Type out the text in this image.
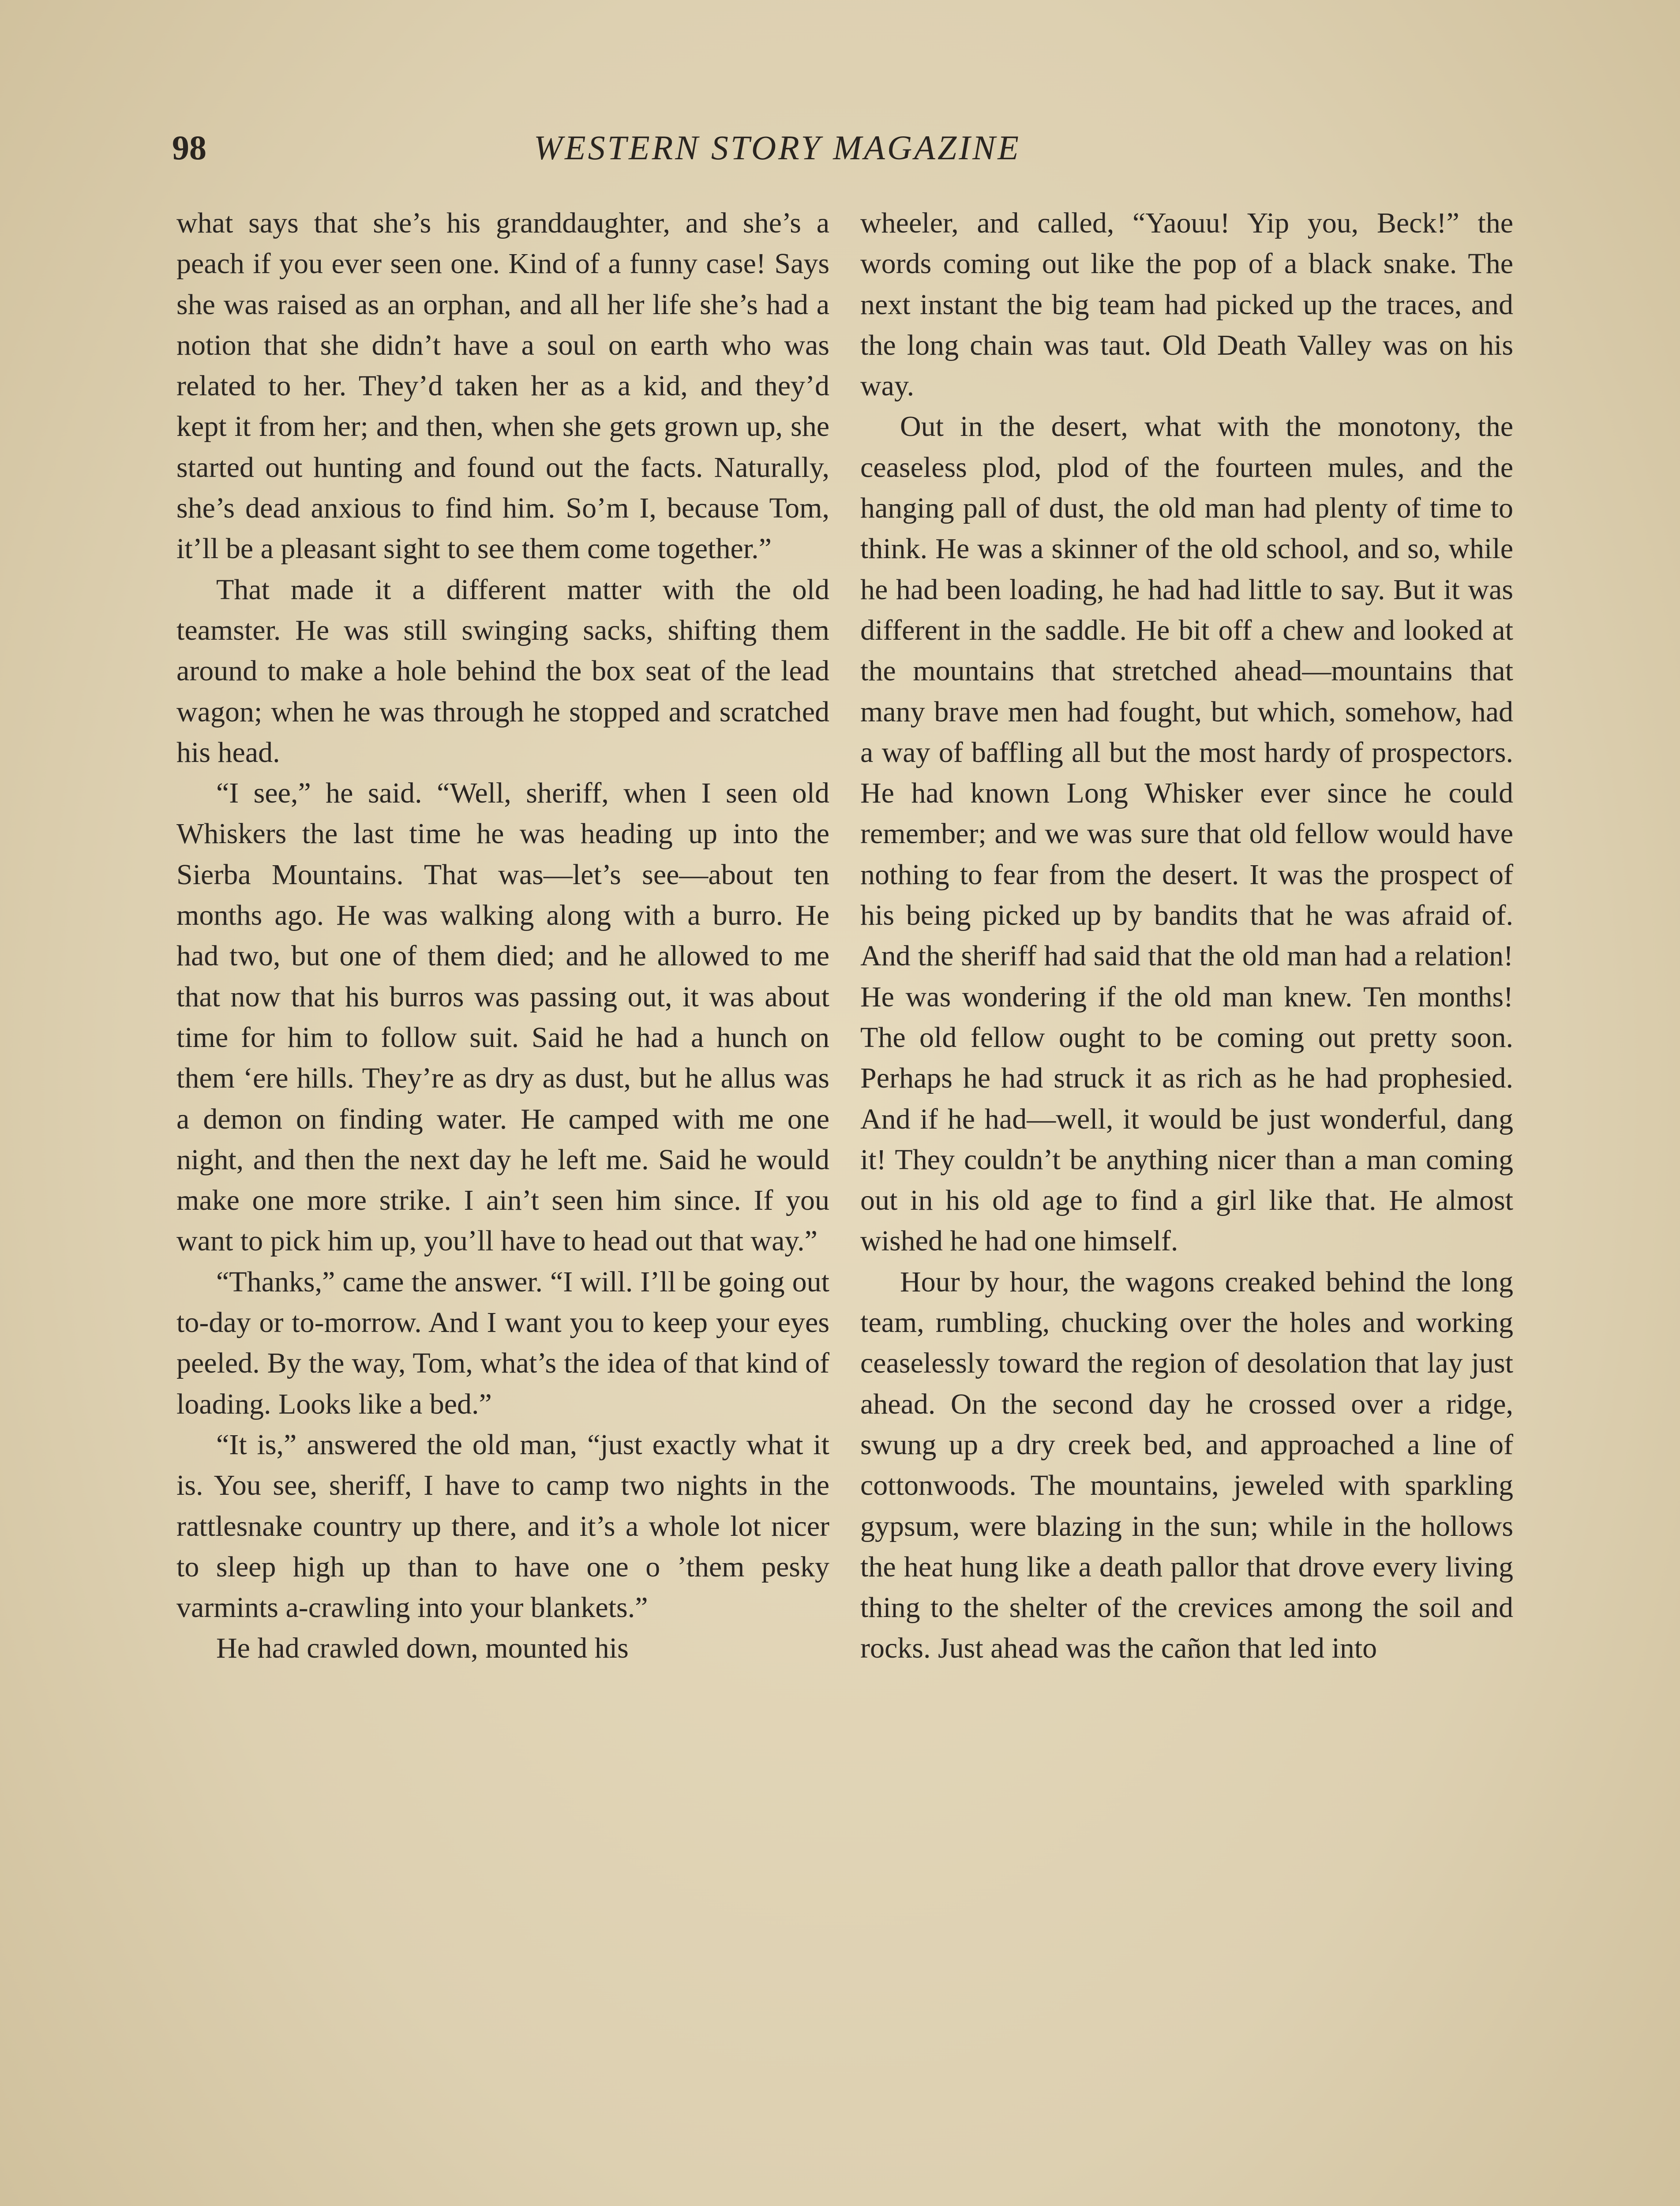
98	WESTERN STORY MAGAZINE

what says that she’s his granddaughter, and she’s a peach if you ever seen one. Kind of a funny case! Says she was raised as an orphan, and all her life she’s had a notion that she didn’t have a soul on earth who was related to her. They’d taken her as a kid, and they’d kept it from her; and then, when she gets grown up, she started out hunting and found out the facts. Naturally, she’s dead anxious to find him. So’m I, because Tom, it’ll be a pleasant sight to see them come together.”

That made it a different matter with the old teamster. He was still swinging sacks, shifting them around to make a hole behind the box seat of the lead wagon; when he was through he stopped and scratched his head.

“I see,” he said. “Well, sheriff, when I seen old Whiskers the last time he was heading up into the Sierba Mountains. That was—let’s see—about ten months ago. He was walking along with a burro. He had two, but one of them died; and he allowed to me that now that his burros was passing out, it was about time for him to follow suit. Said he had a hunch on them ‘ere hills. They’re as dry as dust, but he allus was a demon on finding water. He camped with me one night, and then the next day he left me. Said he would make one more strike. I ain’t seen him since. If you want to pick him up, you’ll have to head out that way.”

“Thanks,” came the answer. “I will. I’ll be going out to-day or to-morrow. And I want you to keep your eyes peeled. By the way, Tom, what’s the idea of that kind of loading. Looks like a bed.”

“It is,” answered the old man, “just exactly what it is. You see, sheriff, I have to camp two nights in the rattlesnake country up there, and it’s a whole lot nicer to sleep high up than to have one o ’them pesky varmints a-crawling into your blankets.”

He had crawled down, mounted his

wheeler, and called, “Yaouu! Yip you, Beck!” the words coming out like the pop of a black snake. The next instant the big team had picked up the traces, and the long chain was taut. Old Death Valley was on his way.

Out in the desert, what with the monotony, the ceaseless plod, plod of the fourteen mules, and the hanging pall of dust, the old man had plenty of time to think. He was a skinner of the old school, and so, while he had been loading, he had had little to say. But it was different in the saddle. He bit off a chew and looked at the mountains that stretched ahead—mountains that many brave men had fought, but which, somehow, had a way of baffling all but the most hardy of prospectors. He had known Long Whisker ever since he could remember; and we was sure that old fellow would have nothing to fear from the desert. It was the prospect of his being picked up by bandits that he was afraid of. And the sheriff had said that the old man had a relation! He was wondering if the old man knew. Ten months! The old fellow ought to be coming out pretty soon. Perhaps he had struck it as rich as he had prophesied. And if he had—well, it would be just wonderful, dang it! They couldn’t be anything nicer than a man coming out in his old age to find a girl like that. He almost wished he had one himself.

Hour by hour, the wagons creaked behind the long team, rumbling, chucking over the holes and working ceaselessly toward the region of desolation that lay just ahead. On the second day he crossed over a ridge, swung up a dry creek bed, and approached a line of cottonwoods. The mountains, jeweled with sparkling gypsum, were blazing in the sun; while in the hollows the heat hung like a death pallor that drove every living thing to the shelter of the crevices among the soil and rocks. Just ahead was the cañon that led into
